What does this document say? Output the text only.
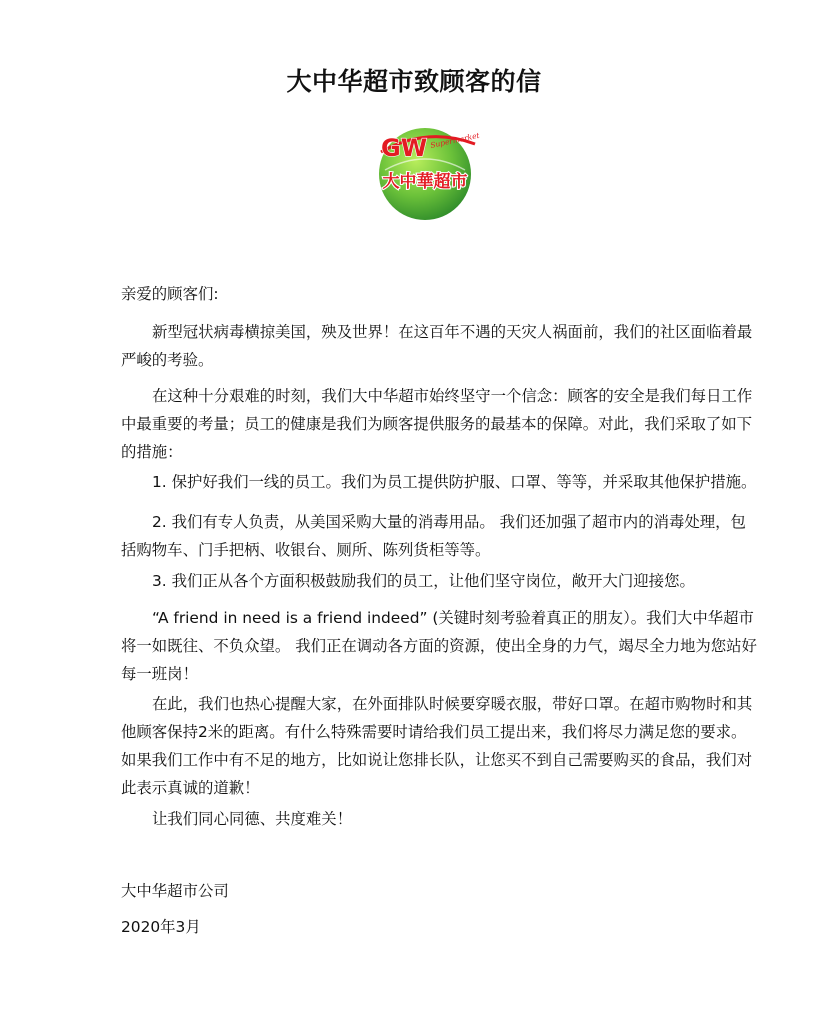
大中华超市致顾客的信
GW Supermarket
大中華超市

亲爱的顾客们:

新型冠状病毒横掠美国，殃及世界！在这百年不遇的天灾人祸面前，我们的社区面临着最严峻的考验。

在这种十分艰难的时刻，我们大中华超市始终坚守一个信念：顾客的安全是我们每日工作中最重要的考量；员工的健康是我们为顾客提供服务的最基本的保障。对此，我们采取了如下的措施：

1. 保护好我们一线的员工。我们为员工提供防护服、口罩、等等，并采取其他保护措施。

2. 我们有专人负责，从美国采购大量的消毒用品。 我们还加强了超市内的消毒处理，包括购物车、门手把柄、收银台、厕所、陈列货柜等等。

3. 我们正从各个方面积极鼓励我们的员工，让他们坚守岗位，敞开大门迎接您。

“A friend in need is a friend indeed” (关键时刻考验着真正的朋友）。我们大中华超市将一如既往、不负众望。 我们正在调动各方面的资源，使出全身的力气，竭尽全力地为您站好每一班岗！

在此，我们也热心提醒大家，在外面排队时候要穿暖衣服，带好口罩。在超市购物时和其他顾客保持2米的距离。有什么特殊需要时请给我们员工提出来，我们将尽力满足您的要求。如果我们工作中有不足的地方，比如说让您排长队，让您买不到自己需要购买的食品，我们对此表示真诚的道歉！

让我们同心同德、共度难关！

大中华超市公司

2020年3月
